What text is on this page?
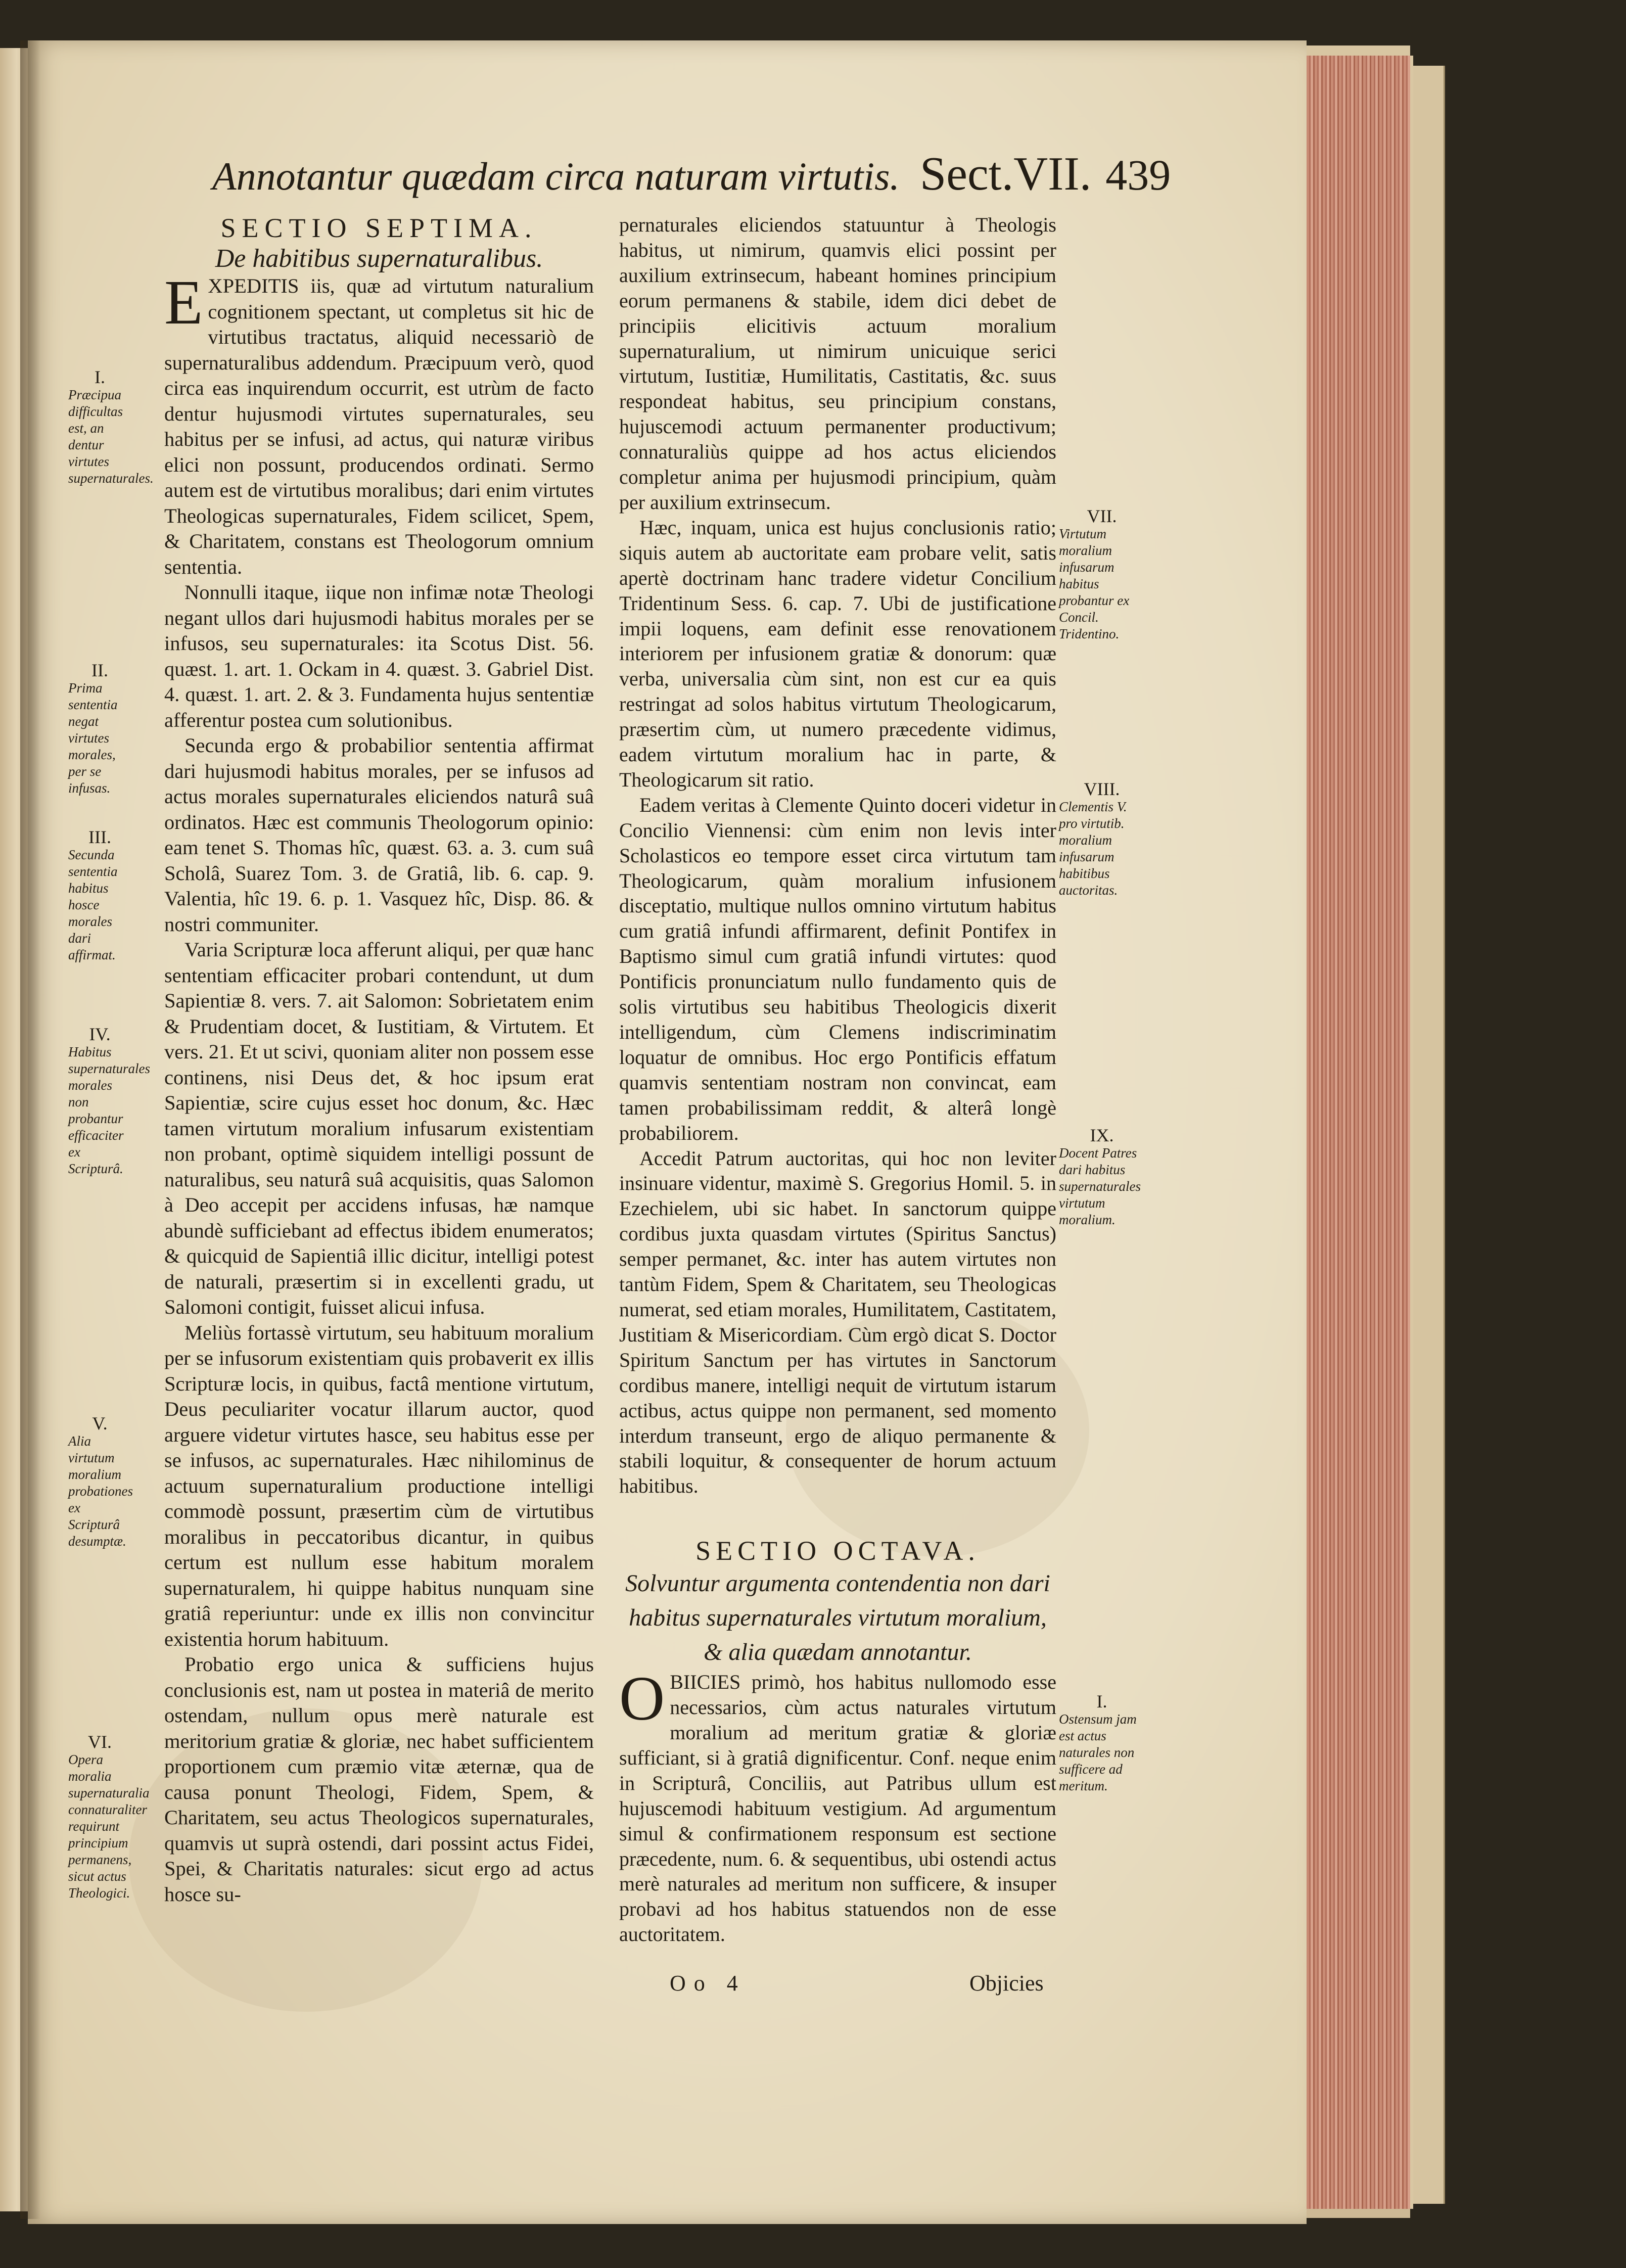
Annotantur quædam circa naturam virtutis. Sect.VII. 439

SECTIO SEPTIMA.

De habitibus supernaturalibus.

EXPEDITIS iis, quæ ad virtutum naturalium cognitionem spectant, ut completus sit hic de virtutibus tractatus, aliquid necessariò de supernaturalibus addendum. Præcipuum verò, quod circa eas inquirendum occurrit, est utrùm de facto dentur hujusmodi virtutes supernaturales, seu habitus per se infusi, ad actus, qui naturæ viribus elici non possunt, producendos ordinati. Sermo autem est de virtutibus moralibus; dari enim virtutes Theologicas supernaturales, Fidem scilicet, Spem, & Charitatem, constans est Theologorum omnium sententia.

Nonnulli itaque, iique non infimæ notæ Theologi negant ullos dari hujusmodi habitus morales per se infusos, seu supernaturales: ita Scotus Dist. 56. quæst. 1. art. 1. Ockam in 4. quæst. 3. Gabriel Dist. 4. quæst. 1. art. 2. & 3. Fundamenta hujus sententiæ afferentur postea cum solutionibus.

Secunda ergo & probabilior sententia affirmat dari hujusmodi habitus morales, per se infusos ad actus morales supernaturales eliciendos naturâ suâ ordinatos. Hæc est communis Theologorum opinio: eam tenet S. Thomas hîc, quæst. 63. a. 3. cum suâ Scholâ, Suarez Tom. 3. de Gratiâ, lib. 6. cap. 9. Valentia, hîc 19. 6. p. 1. Vasquez hîc, Disp. 86. & nostri communiter.

Varia Scripturæ loca afferunt aliqui, per quæ hanc sententiam efficaciter probari contendunt, ut dum Sapientiæ 8. vers. 7. ait Salomon: Sobrietatem enim & Prudentiam docet, & Iustitiam, & Virtutem. Et vers. 21. Et ut scivi, quoniam aliter non possem esse continens, nisi Deus det, & hoc ipsum erat Sapientiæ, scire cujus esset hoc donum, &c. Hæc tamen virtutum moralium infusarum existentiam non probant, optimè siquidem intelligi possunt de naturalibus, seu naturâ suâ acquisitis, quas Salomon à Deo accepit per accidens infusas, hæ namque abundè sufficiebant ad effectus ibidem enumeratos; & quicquid de Sapientiâ illic dicitur, intelligi potest de naturali, præsertim si in excellenti gradu, ut Salomoni contigit, fuisset alicui infusa.

Meliùs fortassè virtutum, seu habituum moralium per se infusorum existentiam quis probaverit ex illis Scripturæ locis, in quibus, factâ mentione virtutum, Deus peculiariter vocatur illarum auctor, quod arguere videtur virtutes hasce, seu habitus esse per se infusos, ac supernaturales. Hæc nihilominus de actuum supernaturalium productione intelligi commodè possunt, præsertim cùm de virtutibus moralibus in peccatoribus dicantur, in quibus certum est nullum esse habitum moralem supernaturalem, hi quippe habitus nunquam sine gratiâ reperiuntur: unde ex illis non convincitur existentia horum habituum.

Probatio ergo unica & sufficiens hujus conclusionis est, nam ut postea in materiâ de merito ostendam, nullum opus merè naturale est meritorium gratiæ & gloriæ, nec habet sufficientem proportionem cum præmio vitæ æternæ, qua de causa ponunt Theologi, Fidem, Spem, & Charitatem, seu actus Theologicos supernaturales, quamvis ut suprà ostendi, dari possint actus Fidei, Spei, & Charitatis naturales: sicut ergo ad actus hosce su-

pernaturales eliciendos statuuntur à Theologis habitus, ut nimirum, quamvis elici possint per auxilium extrinsecum, habeant homines principium eorum permanens & stabile, idem dici debet de principiis elicitivis actuum moralium supernaturalium, ut nimirum unicuique serici virtutum, Iustitiæ, Humilitatis, Castitatis, &c. suus respondeat habitus, seu principium constans, hujuscemodi actuum permanenter productivum; connaturaliùs quippe ad hos actus eliciendos completur anima per hujusmodi principium, quàm per auxilium extrinsecum.

Hæc, inquam, unica est hujus conclusionis ratio; siquis autem ab auctoritate eam probare velit, satis apertè doctrinam hanc tradere videtur Concilium Tridentinum Sess. 6. cap. 7. Ubi de justificatione impii loquens, eam definit esse renovationem interiorem per infusionem gratiæ & donorum: quæ verba, universalia cùm sint, non est cur ea quis restringat ad solos habitus virtutum Theologicarum, præsertim cùm, ut numero præcedente vidimus, eadem virtutum moralium hac in parte, & Theologicarum sit ratio.

Eadem veritas à Clemente Quinto doceri videtur in Concilio Viennensi: cùm enim non levis inter Scholasticos eo tempore esset circa virtutum tam Theologicarum, quàm moralium infusionem disceptatio, multique nullos omnino virtutum habitus cum gratiâ infundi affirmarent, definit Pontifex in Baptismo simul cum gratiâ infundi virtutes: quod Pontificis pronunciatum nullo fundamento quis de solis virtutibus seu habitibus Theologicis dixerit intelligendum, cùm Clemens indiscriminatim loquatur de omnibus. Hoc ergo Pontificis effatum quamvis sententiam nostram non convincat, eam tamen probabilissimam reddit, & alterâ longè probabiliorem.

Accedit Patrum auctoritas, qui hoc non leviter insinuare videntur, maximè S. Gregorius Homil. 5. in Ezechielem, ubi sic habet. In sanctorum quippe cordibus juxta quasdam virtutes (Spiritus Sanctus) semper permanet, &c. inter has autem virtutes non tantùm Fidem, Spem & Charitatem, seu Theologicas numerat, sed etiam morales, Humilitatem, Castitatem, Justitiam & Misericordiam. Cùm ergò dicat S. Doctor Spiritum Sanctum per has virtutes in Sanctorum cordibus manere, intelligi nequit de virtutum istarum actibus, actus quippe non permanent, sed momento interdum transeunt, ergo de aliquo permanente & stabili loquitur, & consequenter de horum actuum habitibus.

SECTIO OCTAVA.

Solvuntur argumenta contendentia non dari habitus supernaturales virtutum moralium, & alia quædam annotantur.

OBIICIES primò, hos habitus nullomodo esse necessarios, cùm actus naturales virtutum moralium ad meritum gratiæ & gloriæ sufficiant, si à gratiâ dignificentur. Conf. neque enim in Scripturâ, Conciliis, aut Patribus ullum est hujuscemodi habituum vestigium. Ad argumentum simul & confirmationem responsum est sectione præcedente, num. 6. & sequentibus, ubi ostendi actus merè naturales ad meritum non sufficere, & insuper probavi ad hos habitus statuendos non de esse auctoritatem.

I.
Præcipua difficultas est, an dentur virtutes supernaturales.
II.
Prima sententia negat virtutes morales, per se infusas.
III.
Secunda sententia habitus hosce morales dari affirmat.
IV.
Habitus supernaturales morales non probantur efficaciter ex Scripturâ.
V.
Alia virtutum moralium probationes ex Scripturâ desumptæ.
VI.
Opera moralia supernaturalia connaturaliter requirunt principium permanens, sicut actus Theologici.
VII.
Virtutum moralium infusarum habitus probantur ex Concil. Tridentino.
VIII.
Clementis V. pro virtutib. moralium infusarum habitibus auctoritas.
IX.
Docent Patres dari habitus supernaturales virtutum moralium.
I.
Ostensum jam est actus naturales non sufficere ad meritum.
Oo 4	Objicies
